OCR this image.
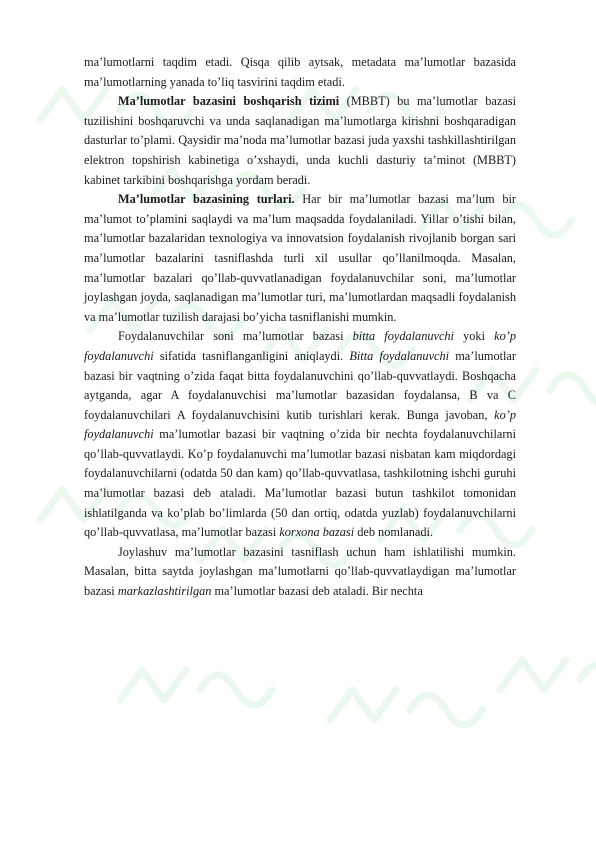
ma’lumotlarni taqdim etadi. Qisqa qilib aytsak, metadata ma’lumotlar bazasida ma’lumotlarning yanada to’liq tasvirini taqdim etadi.

Ma’lumotlar bazasini boshqarish tizimi (MBBT) bu ma’lumotlar bazasi tuzilishini boshqaruvchi va unda saqlanadigan ma’lumotlarga kirishni boshqaradigan dasturlar to’plami. Qaysidir ma’noda ma’lumotlar bazasi juda yaxshi tashkillashtirilgan elektron topshirish kabinetiga o’xshaydi, unda kuchli dasturiy ta’minot (MBBT) kabinet tarkibini boshqarishga yordam beradi.

Ma’lumotlar bazasining turlari. Har bir ma’lumotlar bazasi ma’lum bir ma’lumot to’plamini saqlaydi va ma’lum maqsadda foydalaniladi. Yillar o’tishi bilan, ma’lumotlar bazalaridan texnologiya va innovatsion foydalanish rivojlanib borgan sari ma’lumotlar bazalarini tasniflashda turli xil usullar qo’llanilmoqda. Masalan, ma’lumotlar bazalari qo’llab-quvvatlanadigan foydalanuvchilar soni, ma’lumotlar joylashgan joyda, saqlanadigan ma’lumotlar turi, ma’lumotlardan maqsadli foydalanish va ma’lumotlar tuzilish darajasi bo’yicha tasniflanishi mumkin.

Foydalanuvchilar soni ma’lumotlar bazasi bitta foydalanuvchi yoki ko’p foydalanuvchi sifatida tasniflanganligini aniqlaydi. Bitta foydalanuvchi ma’lumotlar bazasi bir vaqtning o’zida faqat bitta foydalanuvchini qo’llab-quvvatlaydi. Boshqacha aytganda, agar A foydalanuvchisi ma’lumotlar bazasidan foydalansa, B va C foydalanuvchilari A foydalanuvchisini kutib turishlari kerak. Bunga javoban, ko’p foydalanuvchi ma’lumotlar bazasi bir vaqtning o’zida bir nechta foydalanuvchilarni qo’llab-quvvatlaydi. Ko’p foydalanuvchi ma’lumotlar bazasi nisbatan kam miqdordagi foydalanuvchilarni (odatda 50 dan kam) qo’llab-quvvatlasa, tashkilotning ishchi guruhi ma’lumotlar bazasi deb ataladi. Ma’lumotlar bazasi butun tashkilot tomonidan ishlatilganda va ko’plab bo’limlarda (50 dan ortiq, odatda yuzlab) foydalanuvchilarni qo’llab-quvvatlasa, ma’lumotlar bazasi korxona bazasi deb nomlanadi.

Joylashuv ma’lumotlar bazasini tasniflash uchun ham ishlatilishi mumkin. Masalan, bitta saytda joylashgan ma’lumotlarni qo’llab-quvvatlaydigan ma’lumotlar bazasi markazlashtirilgan ma’lumotlar bazasi deb ataladi. Bir nechta
